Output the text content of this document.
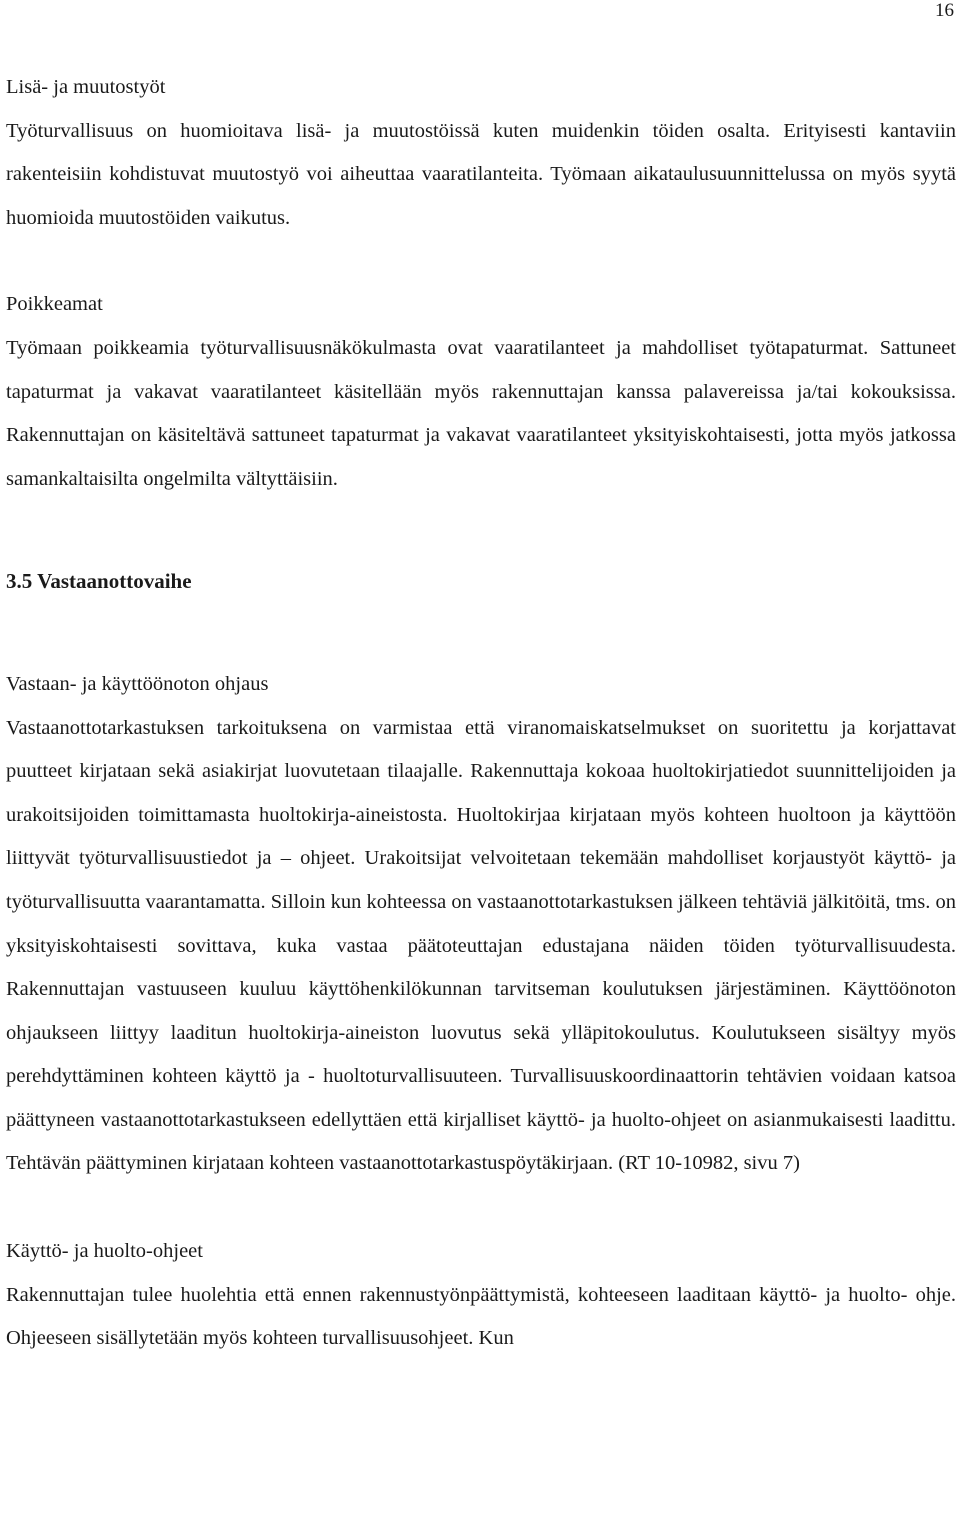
16
Lisä- ja muutostyöt

Työturvallisuus on huomioitava lisä- ja muutostöissä kuten muidenkin töiden osalta. Erityisesti kantaviin rakenteisiin kohdistuvat muutostyö voi aiheuttaa vaaratilanteita. Työmaan aikataulusuunnittelussa on myös syytä huomioida muutostöiden vaikutus.

Poikkeamat

Työmaan poikkeamia työturvallisuusnäkökulmasta ovat vaaratilanteet ja mahdolliset työtapaturmat. Sattuneet tapaturmat ja vakavat vaaratilanteet käsitellään myös rakennuttajan kanssa palavereissa ja/tai kokouksissa. Rakennuttajan on käsiteltävä sattuneet tapaturmat ja vakavat vaaratilanteet yksityiskohtaisesti, jotta myös jatkossa samankaltaisilta ongelmilta vältyttäisiin.

3.5 Vastaanottovaihe
Vastaan- ja käyttöönoton ohjaus

Vastaanottotarkastuksen tarkoituksena on varmistaa että viranomaiskatselmukset on suoritettu ja korjattavat puutteet kirjataan sekä asiakirjat luovutetaan tilaajalle. Rakennuttaja kokoaa huoltokirjatiedot suunnittelijoiden ja urakoitsijoiden toimittamasta huoltokirja-aineistosta. Huoltokirjaa kirjataan myös kohteen huoltoon ja käyttöön liittyvät työturvallisuustiedot ja – ohjeet. Urakoitsijat velvoitetaan tekemään mahdolliset korjaustyöt käyttö- ja työturvallisuutta vaarantamatta. Silloin kun kohteessa on vastaanottotarkastuksen jälkeen tehtäviä jälkitöitä, tms. on yksityiskohtaisesti sovittava, kuka vastaa päätoteuttajan edustajana näiden töiden työturvallisuudesta. Rakennuttajan vastuuseen kuuluu käyttöhenkilökunnan tarvitseman koulutuksen järjestäminen. Käyttöönoton ohjaukseen liittyy laaditun huoltokirja-aineiston luovutus sekä ylläpitokoulutus. Koulutukseen sisältyy myös perehdyttäminen kohteen käyttö ja - huoltoturvallisuuteen. Turvallisuuskoordinaattorin tehtävien voidaan katsoa päättyneen vastaanottotarkastukseen edellyttäen että kirjalliset käyttö- ja huolto-ohjeet on asianmukaisesti laadittu. Tehtävän päättyminen kirjataan kohteen vastaanottotarkastuspöytäkirjaan. (RT 10-10982, sivu 7)

Käyttö- ja huolto-ohjeet

Rakennuttajan tulee huolehtia että ennen rakennustyönpäättymistä, kohteeseen laaditaan käyttö- ja huolto- ohje. Ohjeeseen sisällytetään myös kohteen turvallisuusohjeet. Kun
